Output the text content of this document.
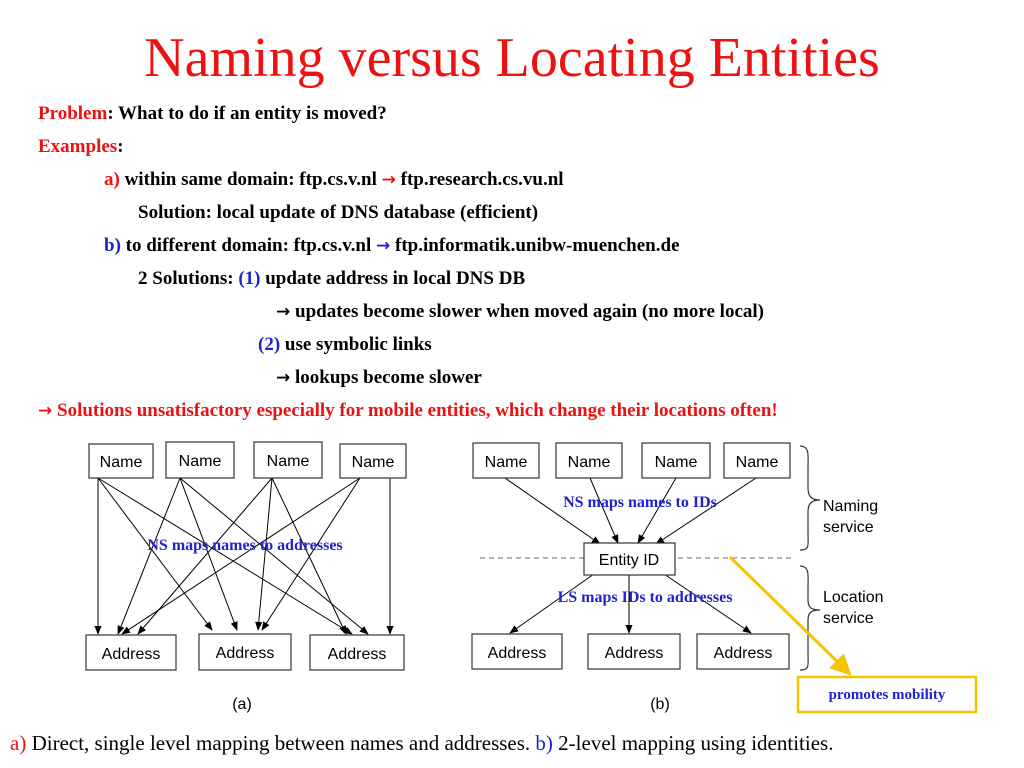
Naming versus Locating Entities
Problem: What to do if an entity is moved?
Examples:
a) within same domain: ftp.cs.v.nl → ftp.research.cs.vu.nl
Solution: local update of DNS database (efficient)
b) to different domain: ftp.cs.v.nl → ftp.informatik.unibw-muenchen.de
2 Solutions: (1) update address in local DNS DB
→ updates become slower when moved again (no more local)
(2) use symbolic links
→ lookups become slower
→ Solutions unsatisfactory especially for mobile entities, which change their locations often!
Name Name	Name	Name
Address	Address	Address
NS maps names to addresses
(a)
Name	Name	Name Name
Entity ID
Address	Address	Address
NS maps names to IDs
LS maps IDs to addresses
Naming
service
Location
service
(b)
promotes mobility
a) Direct, single level mapping between names and addresses. b) 2-level mapping using identities.
